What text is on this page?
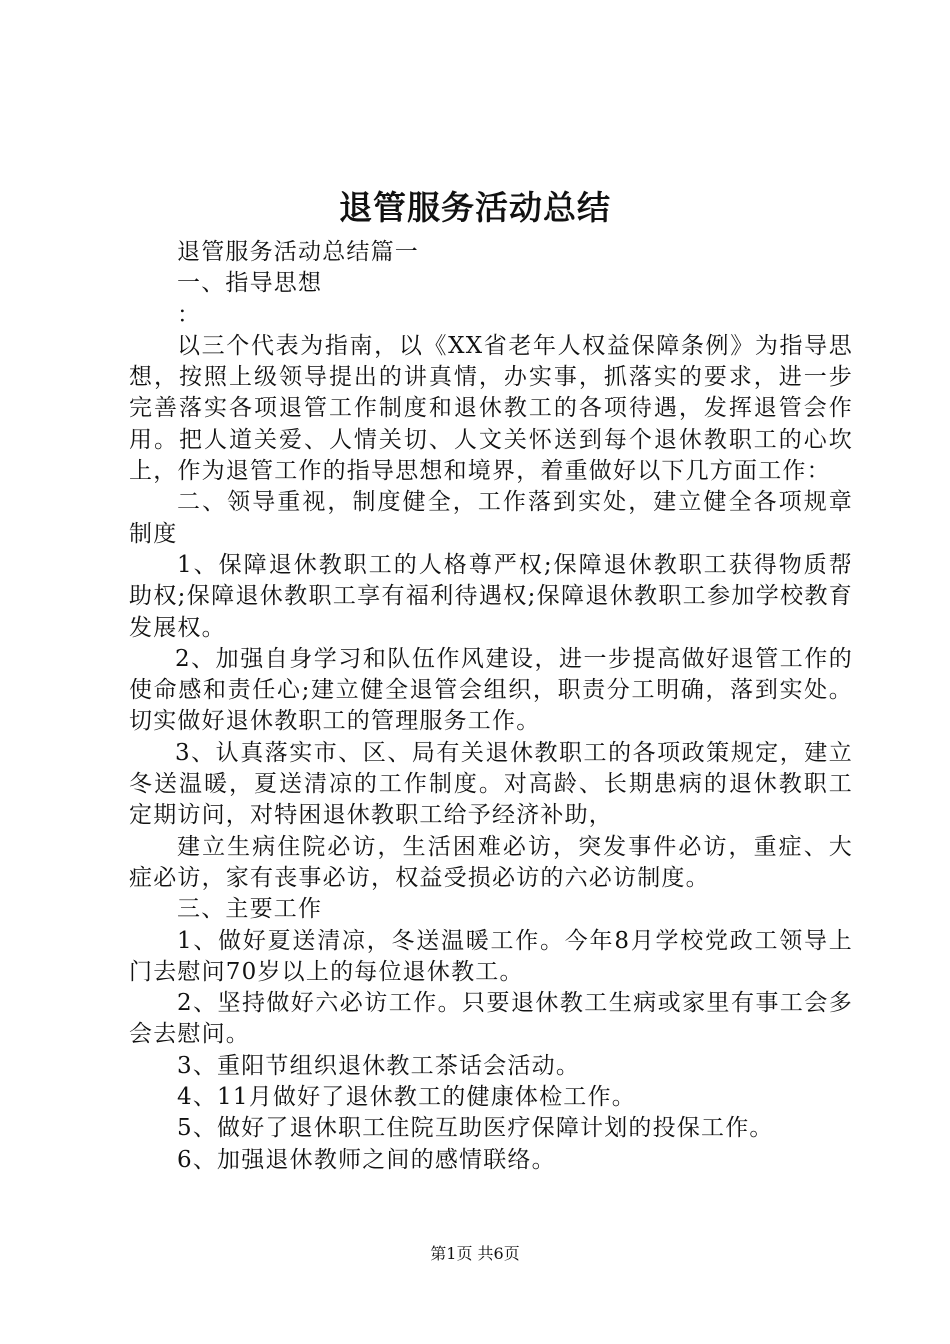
退管服务活动总结

退管服务活动总结篇一

一、指导思想

：

以三个代表为指南，以《XX省老年人权益保障条例》为指导思想，按照上级领导提出的讲真情，办实事，抓落实的要求，进一步完善落实各项退管工作制度和退休教工的各项待遇，发挥退管会作用。把人道关爱、人情关切、人文关怀送到每个退休教职工的心坎上，作为退管工作的指导思想和境界，着重做好以下几方面工作：

二、领导重视，制度健全，工作落到实处，建立健全各项规章制度

1、保障退休教职工的人格尊严权;保障退休教职工获得物质帮助权;保障退休教职工享有福利待遇权;保障退休教职工参加学校教育发展权。

2、加强自身学习和队伍作风建设，进一步提高做好退管工作的使命感和责任心;建立健全退管会组织，职责分工明确，落到实处。切实做好退休教职工的管理服务工作。

3、认真落实市、区、局有关退休教职工的各项政策规定，建立冬送温暖，夏送清凉的工作制度。对高龄、长期患病的退休教职工定期访问，对特困退休教职工给予经济补助，

建立生病住院必访，生活困难必访，突发事件必访，重症、大症必访，家有丧事必访，权益受损必访的六必访制度。

三、主要工作

1、做好夏送清凉，冬送温暖工作。今年8月学校党政工领导上门去慰问70岁以上的每位退休教工。

2、坚持做好六必访工作。只要退休教工生病或家里有事工会多会去慰问。

3、重阳节组织退休教工茶话会活动。

4、11月做好了退休教工的健康体检工作。

5、做好了退休职工住院互助医疗保障计划的投保工作。

6、加强退休教师之间的感情联络。

第1页 共6页
